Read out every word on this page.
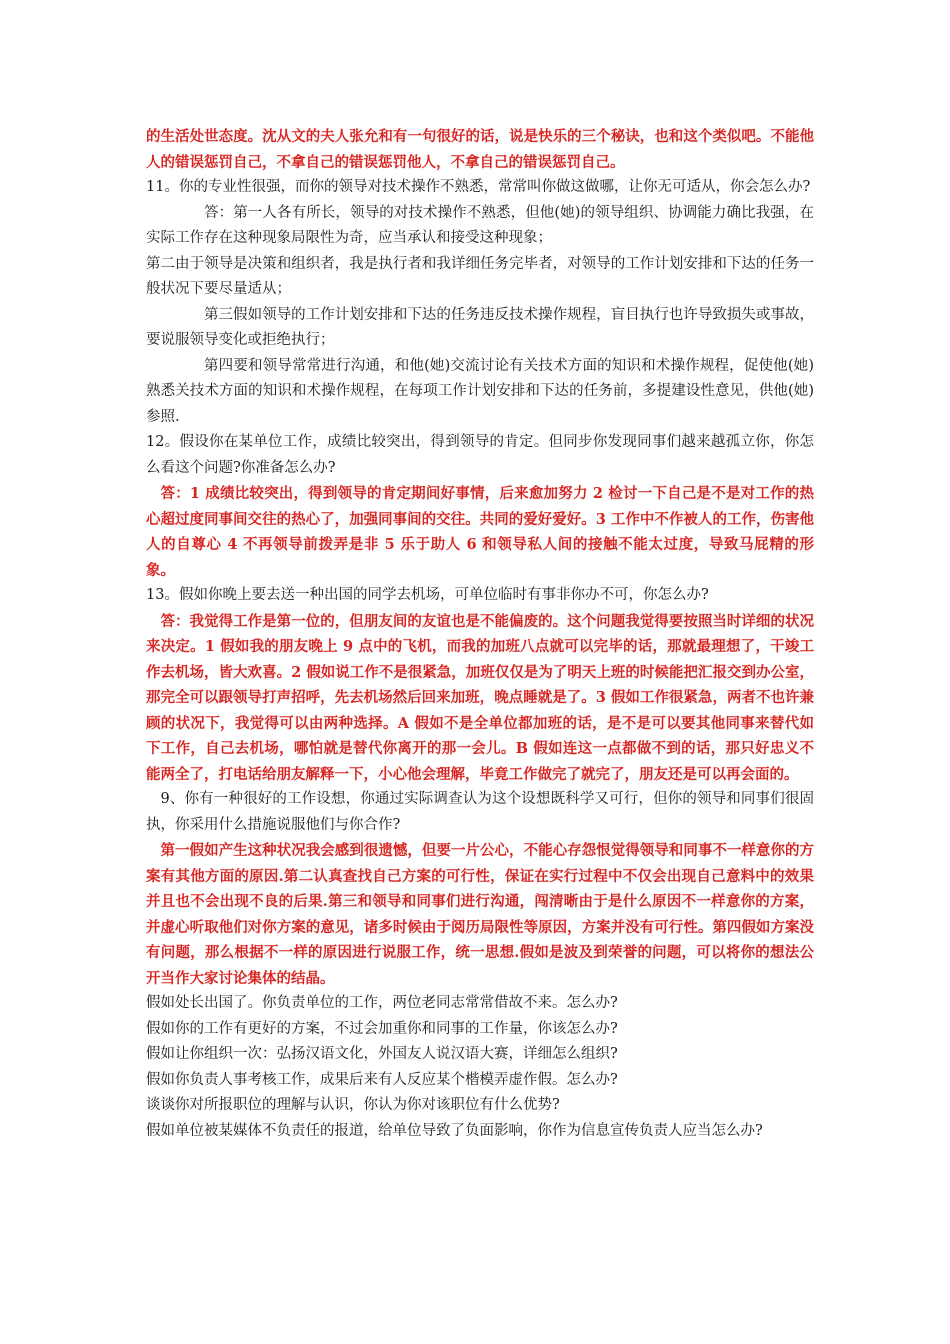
的生活处世态度。沈从文的夫人张允和有一句很好的话，说是快乐的三个秘诀，也和这个类似吧。不能他人的错误惩罚自己，不拿自己的错误惩罚他人，不拿自己的错误惩罚自己。

11。你的专业性很强，而你的领导对技术操作不熟悉，常常叫你做这做哪，让你无可适从，你会怎么办?

答：第一人各有所长，领导的对技术操作不熟悉，但他(她)的领导组织、协调能力确比我强，在实际工作存在这种现象局限性为奇，应当承认和接受这种现象；

第二由于领导是决策和组织者，我是执行者和我详细任务完毕者，对领导的工作计划安排和下达的任务一般状况下要尽量适从；

第三假如领导的工作计划安排和下达的任务违反技术操作规程，盲目执行也许导致损失或事故，要说服领导变化或拒绝执行；

第四要和领导常常进行沟通，和他(她)交流讨论有关技术方面的知识和术操作规程，促使他(她)熟悉关技术方面的知识和术操作规程，在每项工作计划安排和下达的任务前，多提建设性意见，供他(她)参照.

12。假设你在某单位工作，成绩比较突出，得到领导的肯定。但同步你发现同事们越来越孤立你，你怎么看这个问题?你准备怎么办?

答：1 成绩比较突出，得到领导的肯定期间好事情，后来愈加努力 2 检讨一下自己是不是对工作的热心超过度同事间交往的热心了，加强同事间的交往。共同的爱好爱好。3 工作中不作被人的工作，伤害他人的自尊心 4 不再领导前拨弄是非 5 乐于助人 6 和领导私人间的接触不能太过度，导致马屁精的形象。

13。假如你晚上要去送一种出国的同学去机场，可单位临时有事非你办不可，你怎么办?

答：我觉得工作是第一位的，但朋友间的友谊也是不能偏废的。这个问题我觉得要按照当时详细的状况来决定。1 假如我的朋友晚上 9 点中的飞机，而我的加班八点就可以完毕的话，那就最理想了，干竣工作去机场，皆大欢喜。2 假如说工作不是很紧急，加班仅仅是为了明天上班的时候能把汇报交到办公室，那完全可以跟领导打声招呼，先去机场然后回来加班，晚点睡就是了。3 假如工作很紧急，两者不也许兼顾的状况下，我觉得可以由两种选择。A 假如不是全单位都加班的话，是不是可以要其他同事来替代如下工作，自己去机场，哪怕就是替代你离开的那一会儿。B 假如连这一点都做不到的话，那只好忠义不能两全了，打电话给朋友解释一下，小心他会理解，毕竟工作做完了就完了，朋友还是可以再会面的。

9、你有一种很好的工作设想，你通过实际调查认为这个设想既科学又可行，但你的领导和同事们很固执，你采用什么措施说服他们与你合作?

第一假如产生这种状况我会感到很遗憾，但要一片公心，不能心存怨恨觉得领导和同事不一样意你的方案有其他方面的原因.第二认真查找自己方案的可行性，保证在实行过程中不仅会出现自己意料中的效果并且也不会出现不良的后果.第三和领导和同事们进行沟通，闯清晰由于是什么原因不一样意你的方案，并虚心听取他们对你方案的意见，诸多时候由于阅历局限性等原因，方案并没有可行性。第四假如方案没有问题，那么根据不一样的原因进行说服工作，统一思想.假如是波及到荣誉的问题，可以将你的想法公开当作大家讨论集体的结晶。

假如处长出国了。你负责单位的工作，两位老同志常常借故不来。怎么办?

假如你的工作有更好的方案，不过会加重你和同事的工作量，你该怎么办?

假如让你组织一次：弘扬汉语文化，外国友人说汉语大赛，详细怎么组织?

假如你负责人事考核工作，成果后来有人反应某个楷模弄虚作假。怎么办?

谈谈你对所报职位的理解与认识，你认为你对该职位有什么优势?

假如单位被某媒体不负责任的报道，给单位导致了负面影响，你作为信息宣传负责人应当怎么办?
